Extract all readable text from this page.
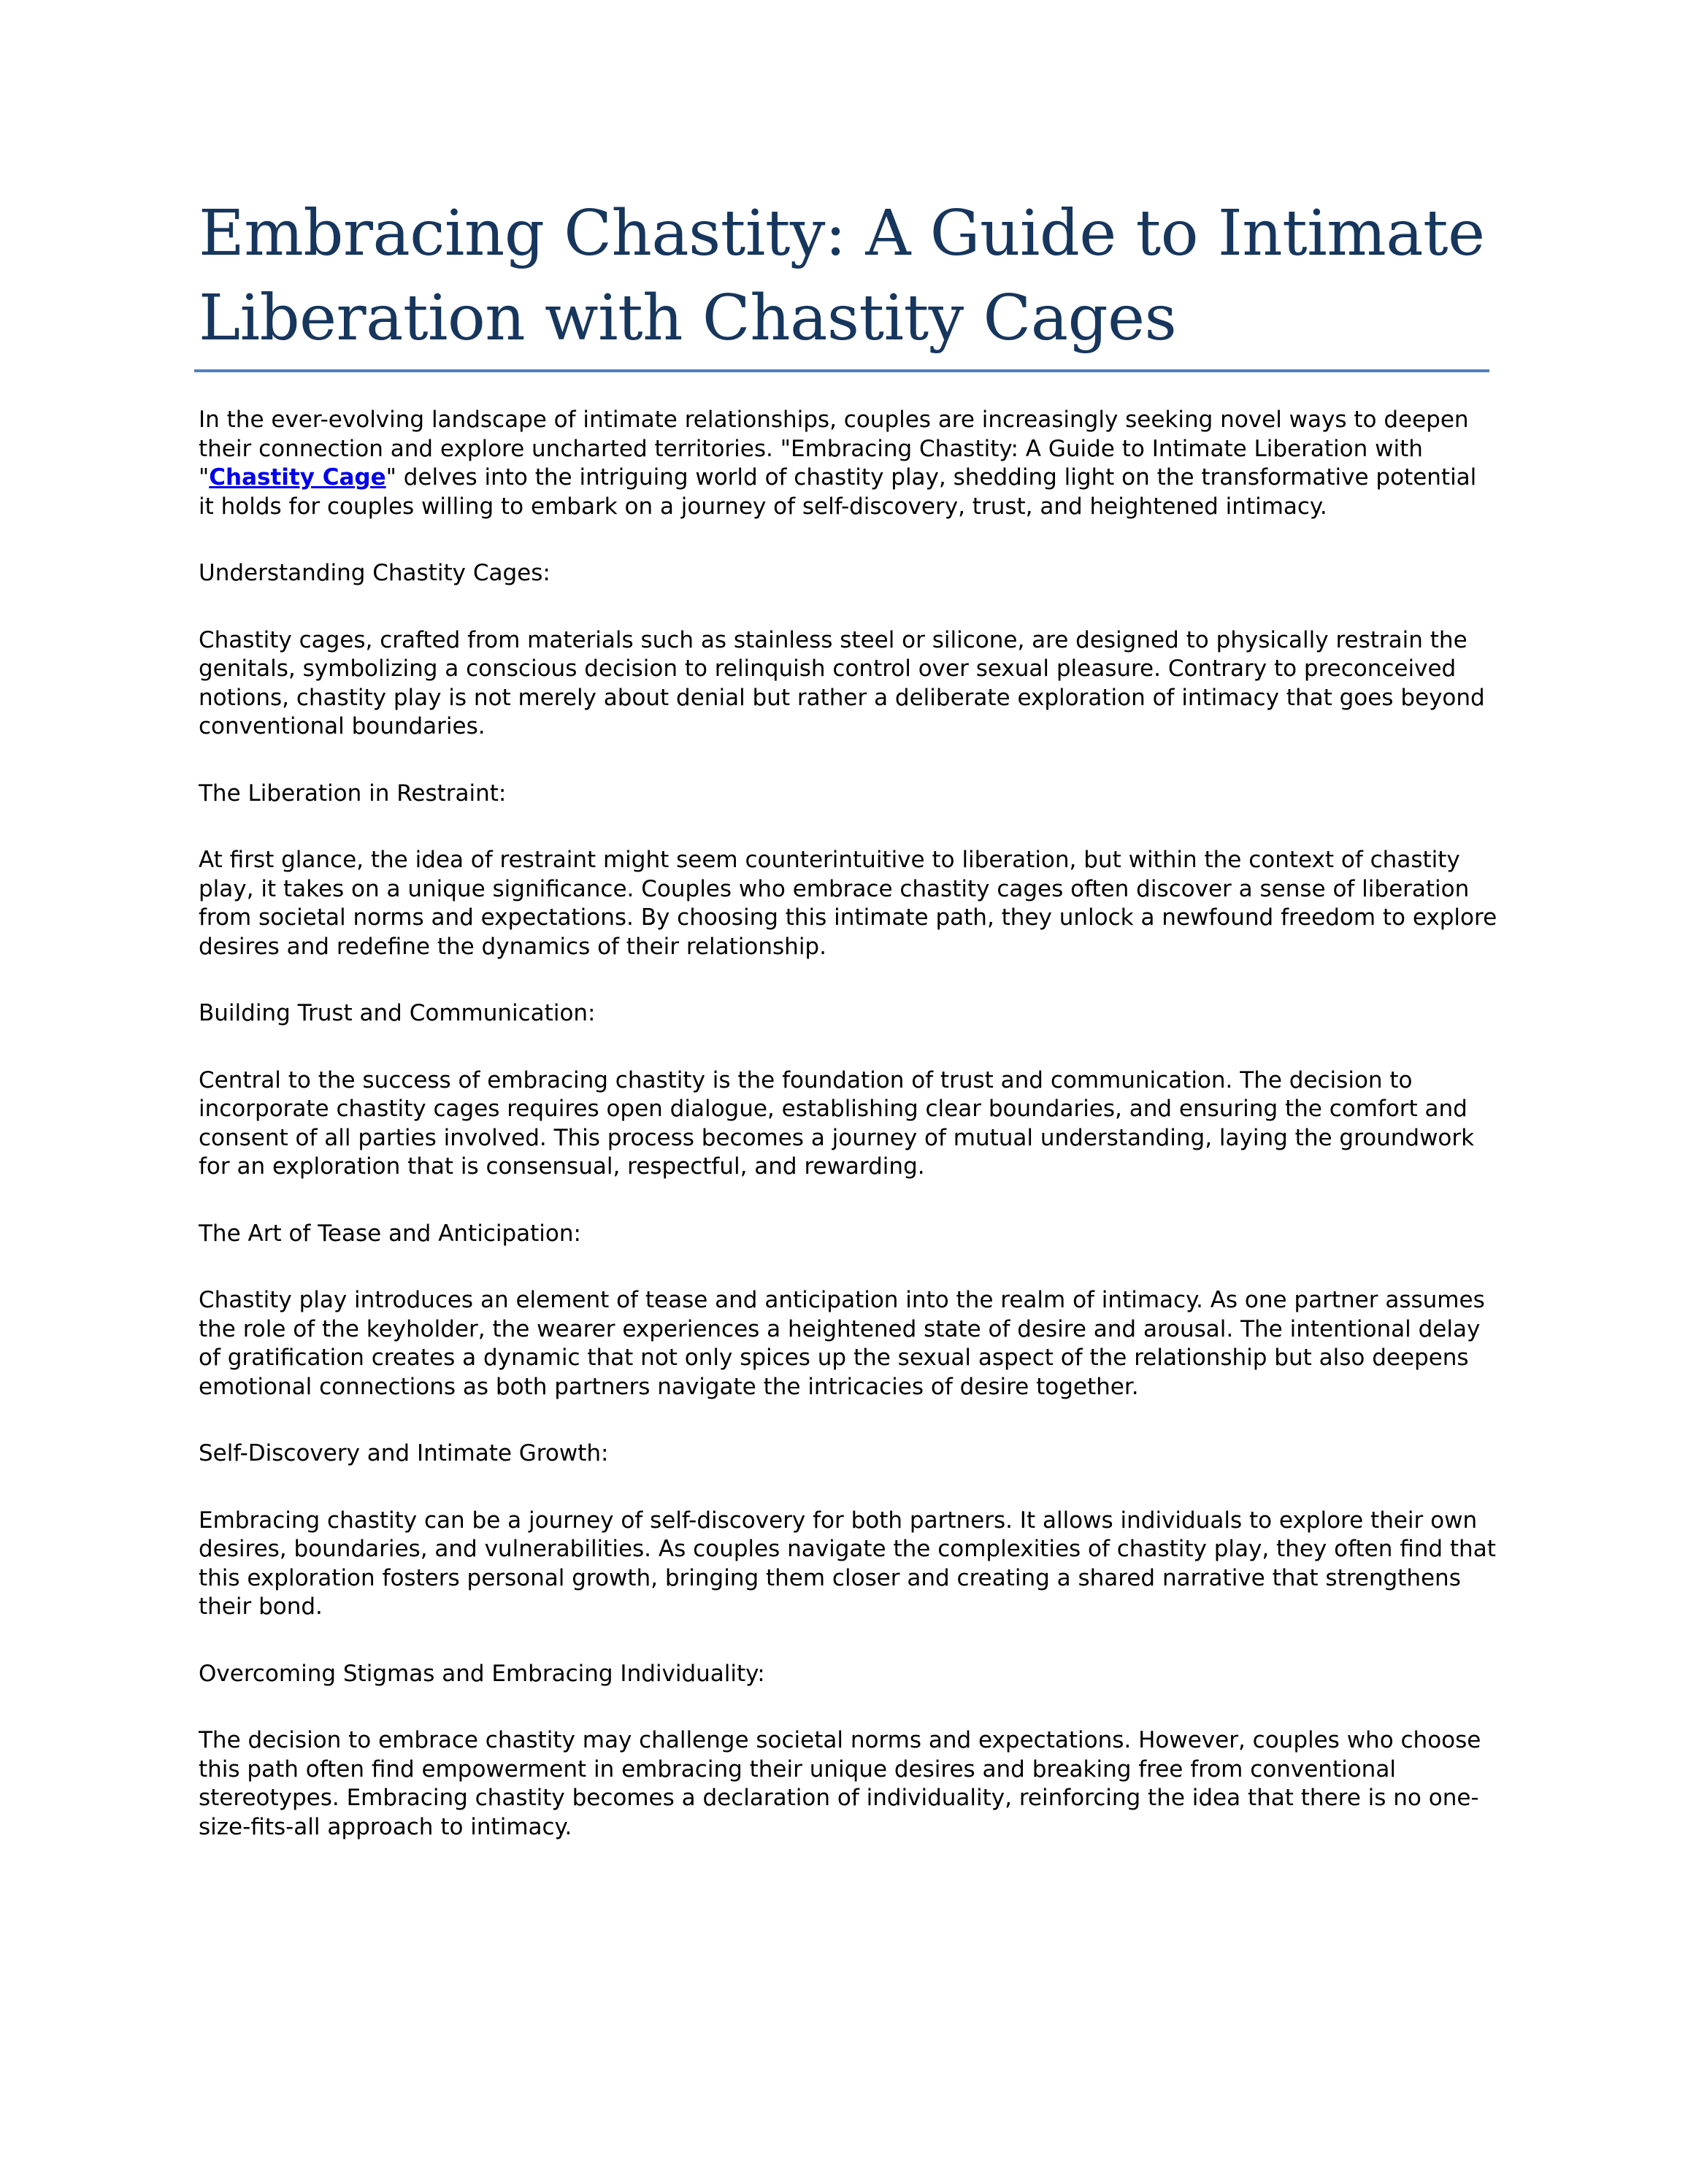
Embracing Chastity: A Guide to Intimate Liberation with Chastity Cages

In the ever-evolving landscape of intimate relationships, couples are increasingly seeking novel ways to deepen their connection and explore uncharted territories. "Embracing Chastity: A Guide to Intimate Liberation with "Chastity Cage" delves into the intriguing world of chastity play, shedding light on the transformative potential it holds for couples willing to embark on a journey of self-discovery, trust, and heightened intimacy.

Understanding Chastity Cages:

Chastity cages, crafted from materials such as stainless steel or silicone, are designed to physically restrain the genitals, symbolizing a conscious decision to relinquish control over sexual pleasure. Contrary to preconceived notions, chastity play is not merely about denial but rather a deliberate exploration of intimacy that goes beyond conventional boundaries.

The Liberation in Restraint:

At first glance, the idea of restraint might seem counterintuitive to liberation, but within the context of chastity play, it takes on a unique significance. Couples who embrace chastity cages often discover a sense of liberation from societal norms and expectations. By choosing this intimate path, they unlock a newfound freedom to explore desires and redefine the dynamics of their relationship.

Building Trust and Communication:

Central to the success of embracing chastity is the foundation of trust and communication. The decision to incorporate chastity cages requires open dialogue, establishing clear boundaries, and ensuring the comfort and consent of all parties involved. This process becomes a journey of mutual understanding, laying the groundwork for an exploration that is consensual, respectful, and rewarding.

The Art of Tease and Anticipation:

Chastity play introduces an element of tease and anticipation into the realm of intimacy. As one partner assumes the role of the keyholder, the wearer experiences a heightened state of desire and arousal. The intentional delay of gratification creates a dynamic that not only spices up the sexual aspect of the relationship but also deepens emotional connections as both partners navigate the intricacies of desire together.

Self-Discovery and Intimate Growth:

Embracing chastity can be a journey of self-discovery for both partners. It allows individuals to explore their own desires, boundaries, and vulnerabilities. As couples navigate the complexities of chastity play, they often find that this exploration fosters personal growth, bringing them closer and creating a shared narrative that strengthens their bond.

Overcoming Stigmas and Embracing Individuality:

The decision to embrace chastity may challenge societal norms and expectations. However, couples who choose this path often find empowerment in embracing their unique desires and breaking free from conventional stereotypes. Embracing chastity becomes a declaration of individuality, reinforcing the idea that there is no one-size-fits-all approach to intimacy.
